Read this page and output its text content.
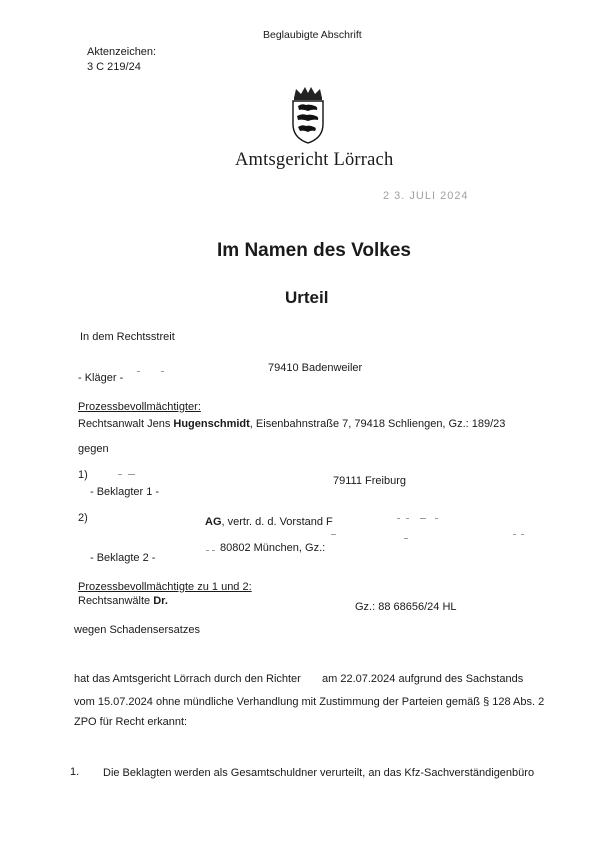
Beglaubigte Abschrift
Aktenzeichen:
3 C 219/24
Amtsgericht Lörrach
2 3. JULI 2024
Im Namen des Volkes
Urteil
In dem Rechtsstreit
79410 Badenweiler
- Kläger -
Prozessbevollmächtigter:
Rechtsanwalt Jens Hugenschmidt, Eisenbahnstraße 7, 79418 Schliengen, Gz.: 189/23
gegen
1)	79111 Freiburg
- Beklagter 1 -
2)	AG, vertr. d. d. Vorstand F
80802 München, Gz.:
- Beklagte 2 -
Prozessbevollmächtigte zu 1 und 2:
Rechtsanwälte Dr.	Gz.: 88 68656/24 HL
wegen Schadensersatzes
hat das Amtsgericht Lörrach durch den Richter am 22.07.2024 aufgrund des Sachstands
vom 15.07.2024 ohne mündliche Verhandlung mit Zustimmung der Parteien gemäß § 128 Abs. 2
ZPO für Recht erkannt:
1. Die Beklagten werden als Gesamtschuldner verurteilt, an das Kfz-Sachverständigenbüro
